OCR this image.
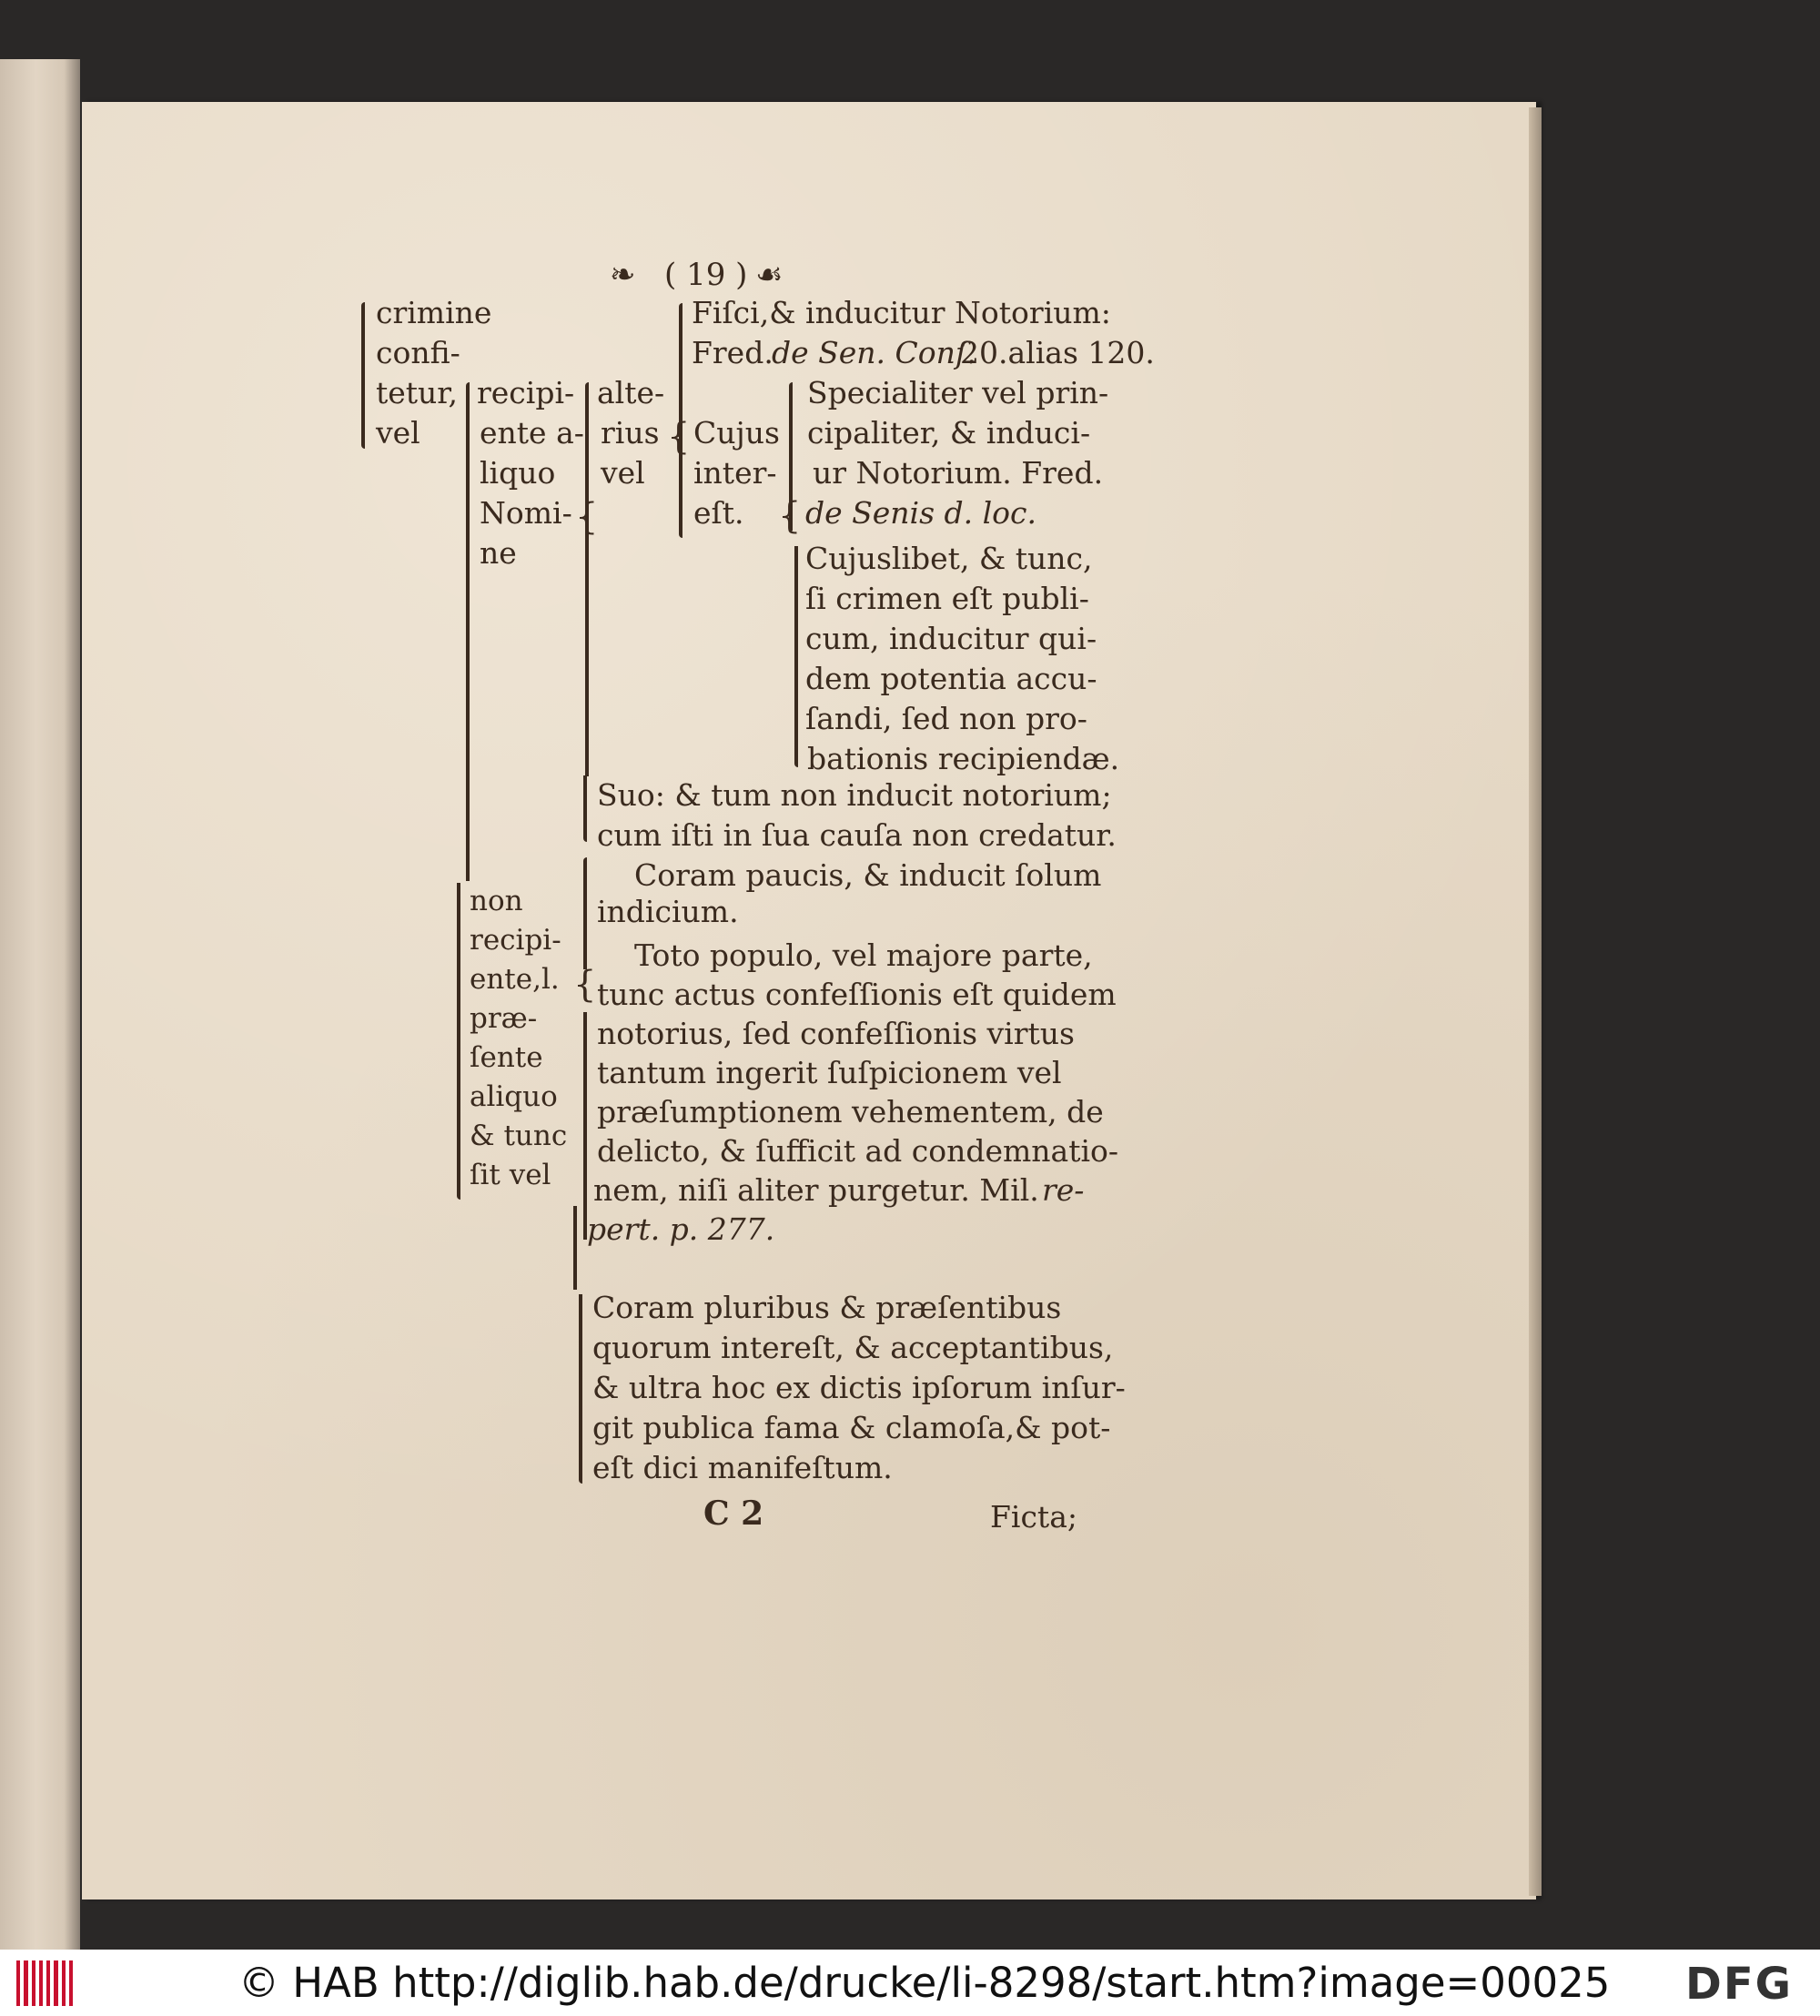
❧ ( 19 ) ☙
crimine
confi-
tetur,
vel
recipi-
ente a-
liquo
Nomi-
ne
non
recipi-
ente,l. {
præ-
ſente
aliquo
& tunc
ſit vel
{
alte-
rius
vel
{ Cujus
inter-
eſt.
Fiſci,& inducitur Notorium:
Fred.
de Sen. Conſ.
20.alias 120.
{
Specialiter vel prin-
cipaliter, & induci-
ur Notorium. Fred.
de Senis d. loc.
Cujuslibet, & tunc,
ſi crimen eſt publi-
cum, inducitur qui-
dem potentia accu-
ſandi, ſed non pro-
bationis recipiendæ.
Suo: & tum non inducit notorium;
cum iſti in ſua cauſa non credatur.
Coram paucis, & inducit ſolum
indicium.
Toto populo, vel majore parte,
tunc actus confeſſionis eſt quidem
notorius, ſed confeſſionis virtus
tantum ingerit ſuſpicionem vel
præſumptionem vehementem, de
delicto, & ſufficit ad condemnatio-
nem, niſi aliter purgetur. Mil. re-
pert. p. 277.
Coram pluribus & præſentibus
quorum intereſt, & acceptantibus,
& ultra hoc ex dictis ipſorum inſur-
git publica fama & clamoſa,& pot-
eſt dici manifeſtum.
C 2	Ficta;
© HAB http://diglib.hab.de/drucke/li-8298/start.htm?image=00025 DFG
